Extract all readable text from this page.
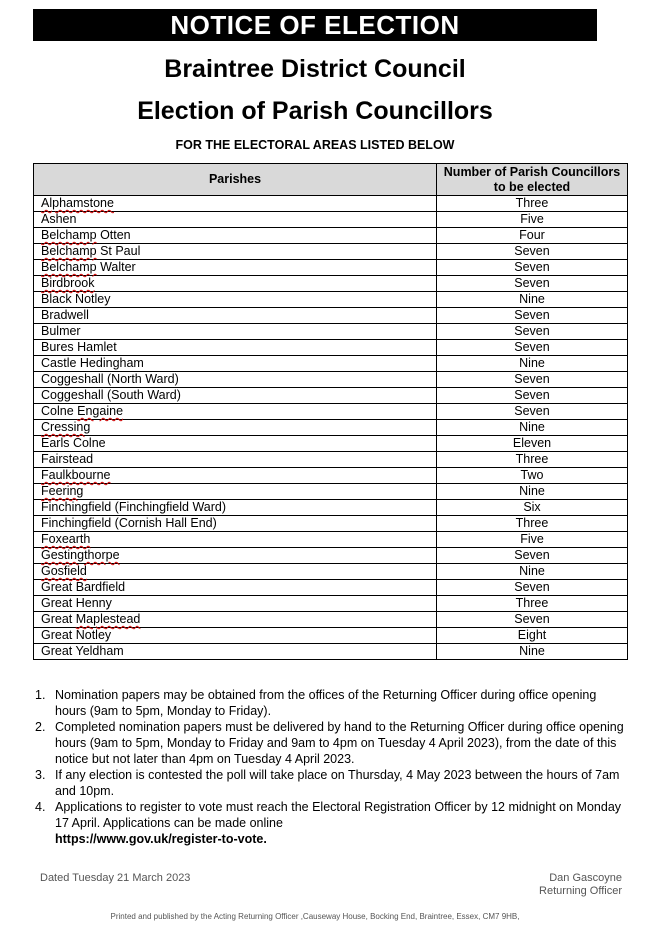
NOTICE OF ELECTION
Braintree District Council
Election of Parish Councillors
FOR THE ELECTORAL AREAS LISTED BELOW
Parishes	Number of Parish Councillors to be elected
Alphamstone	Three
Ashen	Five
Belchamp Otten	Four
Belchamp St Paul	Seven
Belchamp Walter	Seven
Birdbrook	Seven
Black Notley	Nine
Bradwell	Seven
Bulmer	Seven
Bures Hamlet	Seven
Castle Hedingham	Nine
Coggeshall (North Ward)	Seven
Coggeshall (South Ward)	Seven
Colne Engaine	Seven
Cressing	Nine
Earls Colne	Eleven
Fairstead	Three
Faulkbourne	Two
Feering	Nine
Finchingfield (Finchingfield Ward)	Six
Finchingfield (Cornish Hall End)	Three
Foxearth	Five
Gestingthorpe	Seven
Gosfield	Nine
Great Bardfield	Seven
Great Henny	Three
Great Maplestead	Seven
Great Notley	Eight
Great Yeldham	Nine
1. Nomination papers may be obtained from the offices of the Returning Officer during office opening hours (9am to 5pm, Monday to Friday).
2. Completed nomination papers must be delivered by hand to the Returning Officer during office opening hours (9am to 5pm, Monday to Friday and 9am to 4pm on Tuesday 4 April 2023), from the date of this notice but not later than 4pm on Tuesday 4 April 2023.
3. If any election is contested the poll will take place on Thursday, 4 May 2023 between the hours of 7am and 10pm.
4. Applications to register to vote must reach the Electoral Registration Officer by 12 midnight on Monday 17 April. Applications can be made online
https://www.gov.uk/register-to-vote.
Dated Tuesday 21 March 2023	Dan Gascoyne
Returning Officer
Printed and published by the Acting Returning Officer ,Causeway House, Bocking End, Braintree, Essex, CM7 9HB,
